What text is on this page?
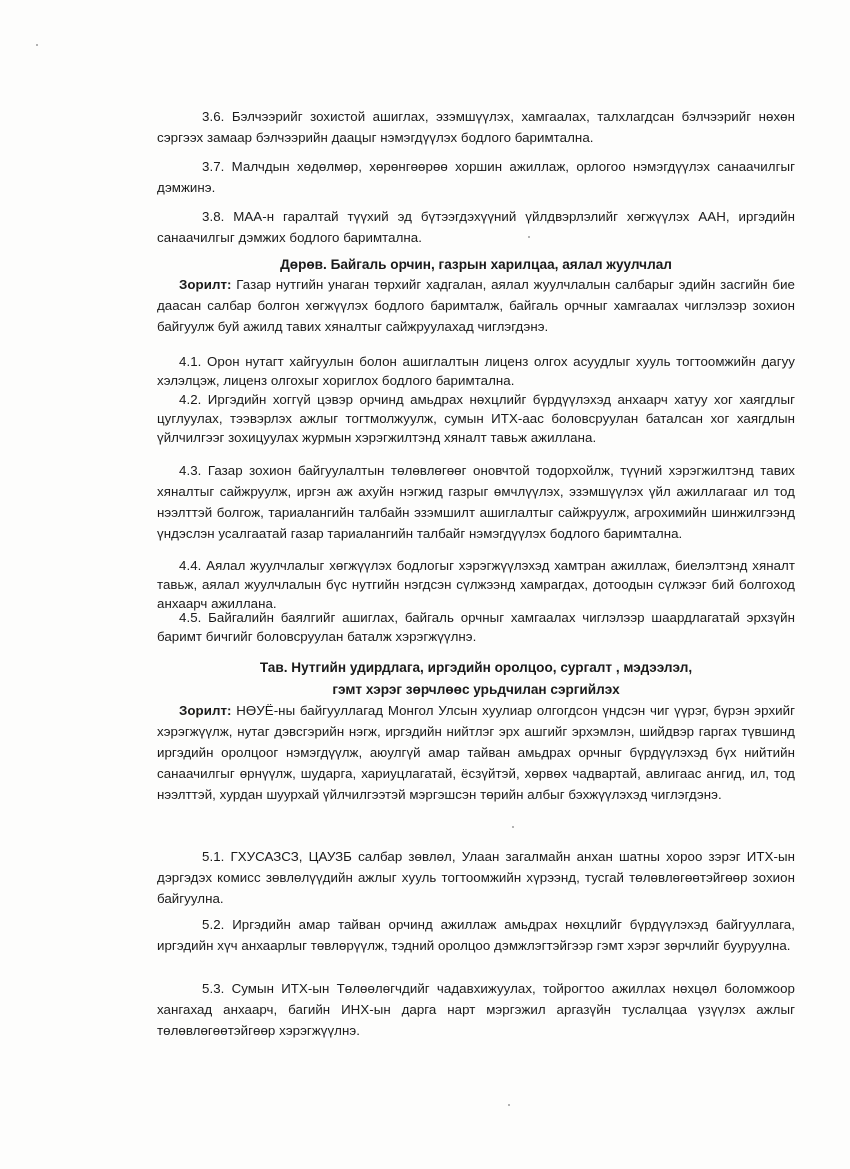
3.6. Бэлчээрийг зохистой ашиглах, эзэмшүүлэх, хамгаалах, талхлагдсан бэлчээрийг нөхөн сэргээх замаар бэлчээрийн даацыг нэмэгдүүлэх бодлого баримтална.
3.7. Малчдын хөдөлмөр, хөрөнгөөрөө хоршин ажиллаж, орлогоо нэмэгдүүлэх санаачилгыг дэмжинэ.
3.8. МАА-н гаралтай түүхий эд бүтээгдэхүүний үйлдвэрлэлийг хөгжүүлэх ААН, иргэдийн санаачилгыг дэмжих бодлого баримтална.
Дөрөв. Байгаль орчин, газрын харилцаа, аялал жуулчлал
Зорилт: Газар нутгийн унаган төрхийг хадгалан, аялал жуулчлалын салбарыг эдийн засгийн бие даасан салбар болгон хөгжүүлэх бодлого баримталж, байгаль орчныг хамгаалах чиглэлээр зохион байгуулж буй ажилд тавих хяналтыг сайжруулахад чиглэгдэнэ.
4.1. Орон нутагт хайгуулын болон ашиглалтын лиценз олгох асуудлыг хууль тогтоомжийн дагуу хэлэлцэж, лиценз олгохыг хориглох бодлого баримтална.
4.2. Иргэдийн хоггүй цэвэр орчинд амьдрах нөхцлийг бүрдүүлэхэд анхаарч хатуу хог хаягдлыг цуглуулах, тээвэрлэх ажлыг тогтмолжуулж, сумын ИТХ-аас боловсруулан баталсан хог хаягдлын үйлчилгээг зохицуулах журмын хэрэгжилтэнд хяналт тавьж ажиллана.
4.3. Газар зохион байгуулалтын төлөвлөгөөг оновчтой тодорхойлж, түүний хэрэгжилтэнд тавих хяналтыг сайжруулж, иргэн аж ахуйн нэгжид газрыг өмчлүүлэх, эзэмшүүлэх үйл ажиллагааг ил тод нээлттэй болгож, тариалангийн талбайн эзэмшилт ашиглалтыг сайжруулж, агрохимийн шинжилгээнд үндэслэн усалгаатай газар тариалангийн талбайг нэмэгдүүлэх бодлого баримтална.
4.4. Аялал жуулчлалыг хөгжүүлэх бодлогыг хэрэгжүүлэхэд хамтран ажиллаж, биелэлтэнд хяналт тавьж, аялал жуулчлалын бүс нутгийн нэгдсэн сүлжээнд хамрагдах, дотоодын сүлжээг бий болгоход анхаарч ажиллана.
4.5. Байгалийн баялгийг ашиглах, байгаль орчныг хамгаалах чиглэлээр шаардлагатай эрхзүйн баримт бичгийг боловсруулан баталж хэрэгжүүлнэ.
Тав. Нутгийн удирдлага, иргэдийн оролцоо, сургалт , мэдээлэл,
гэмт хэрэг зөрчлөөс урьдчилан сэргийлэх
Зорилт: НӨУЁ-ны байгууллагад Монгол Улсын хуулиар олгогдсон үндсэн чиг үүрэг, бүрэн эрхийг хэрэгжүүлж, нутаг дэвсгэрийн нэгж, иргэдийн нийтлэг эрх ашгийг эрхэмлэн, шийдвэр гаргах түвшинд иргэдийн оролцоог нэмэгдүүлж, аюулгүй амар тайван амьдрах орчныг бүрдүүлэхэд бүх нийтийн санаачилгыг өрнүүлж, шударга, хариуцлагатай, ёсзүйтэй, хөрвөх чадвартай, авлигаас ангид, ил, тод нээлттэй, хурдан шуурхай үйлчилгээтэй мэргэшсэн төрийн албыг бэхжүүлэхэд чиглэгдэнэ.
5.1. ГХУСАЗСЗ, ЦАУЗБ салбар зөвлөл, Улаан загалмайн анхан шатны хороо зэрэг ИТХ-ын дэргэдэх комисс зөвлөлүүдийн ажлыг хууль тогтоомжийн хүрээнд, тусгай төлөвлөгөөтэйгөөр зохион байгуулна.
5.2. Иргэдийн амар тайван орчинд ажиллаж амьдрах нөхцлийг бүрдүүлэхэд байгууллага, иргэдийн хүч анхаарлыг төвлөрүүлж, тэдний оролцоо дэмжлэгтэйгээр гэмт хэрэг зөрчлийг бууруулна.
5.3. Сумын ИТХ-ын Төлөөлөгчдийг чадавхижуулах, тойрогтоо ажиллах нөхцөл боломжоор хангахад анхаарч, багийн ИНХ-ын дарга нарт мэргэжил аргазүйн туслалцаа үзүүлэх ажлыг төлөвлөгөөтэйгөөр хэрэгжүүлнэ.
